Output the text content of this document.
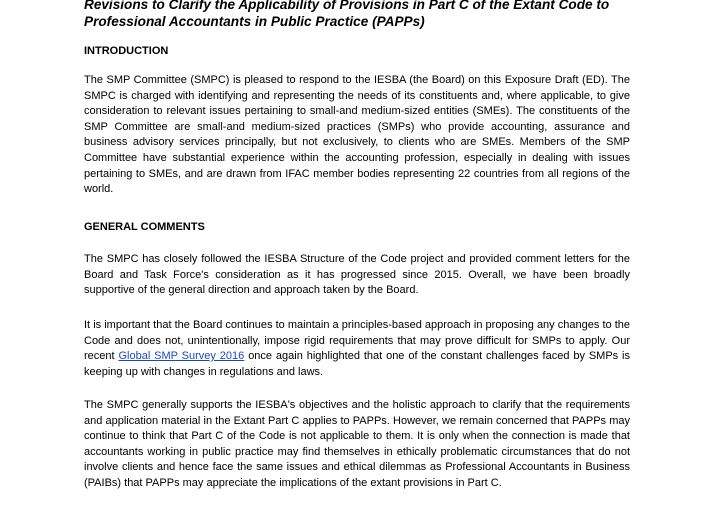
Revisions to Clarify the Applicability of Provisions in Part C of the Extant Code to
Professional Accountants in Public Practice (PAPPs)
INTRODUCTION

The SMP Committee (SMPC) is pleased to respond to the IESBA (the Board) on this Exposure Draft (ED). The SMPC is charged with identifying and representing the needs of its constituents and, where applicable, to give consideration to relevant issues pertaining to small-and medium-sized entities (SMEs). The constituents of the SMP Committee are small-and medium-sized practices (SMPs) who provide accounting, assurance and business advisory services principally, but not exclusively, to clients who are SMEs. Members of the SMP Committee have substantial experience within the accounting profession, especially in dealing with issues pertaining to SMEs, and are drawn from IFAC member bodies representing 22 countries from all regions of the world.

GENERAL COMMENTS

The SMPC has closely followed the IESBA Structure of the Code project and provided comment letters for the Board and Task Force's consideration as it has progressed since 2015. Overall, we have been broadly supportive of the general direction and approach taken by the Board.

It is important that the Board continues to maintain a principles-based approach in proposing any changes to the Code and does not, unintentionally, impose rigid requirements that may prove difficult for SMPs to apply. Our recent Global SMP Survey 2016 once again highlighted that one of the constant challenges faced by SMPs is keeping up with changes in regulations and laws.

The SMPC generally supports the IESBA's objectives and the holistic approach to clarify that the requirements and application material in the Extant Part C applies to PAPPs. However, we remain concerned that PAPPs may continue to think that Part C of the Code is not applicable to them. It is only when the connection is made that accountants working in public practice may find themselves in ethically problematic circumstances that do not involve clients and hence face the same issues and ethical dilemmas as Professional Accountants in Business (PAIBs) that PAPPs may appreciate the implications of the extant provisions in Part C.
